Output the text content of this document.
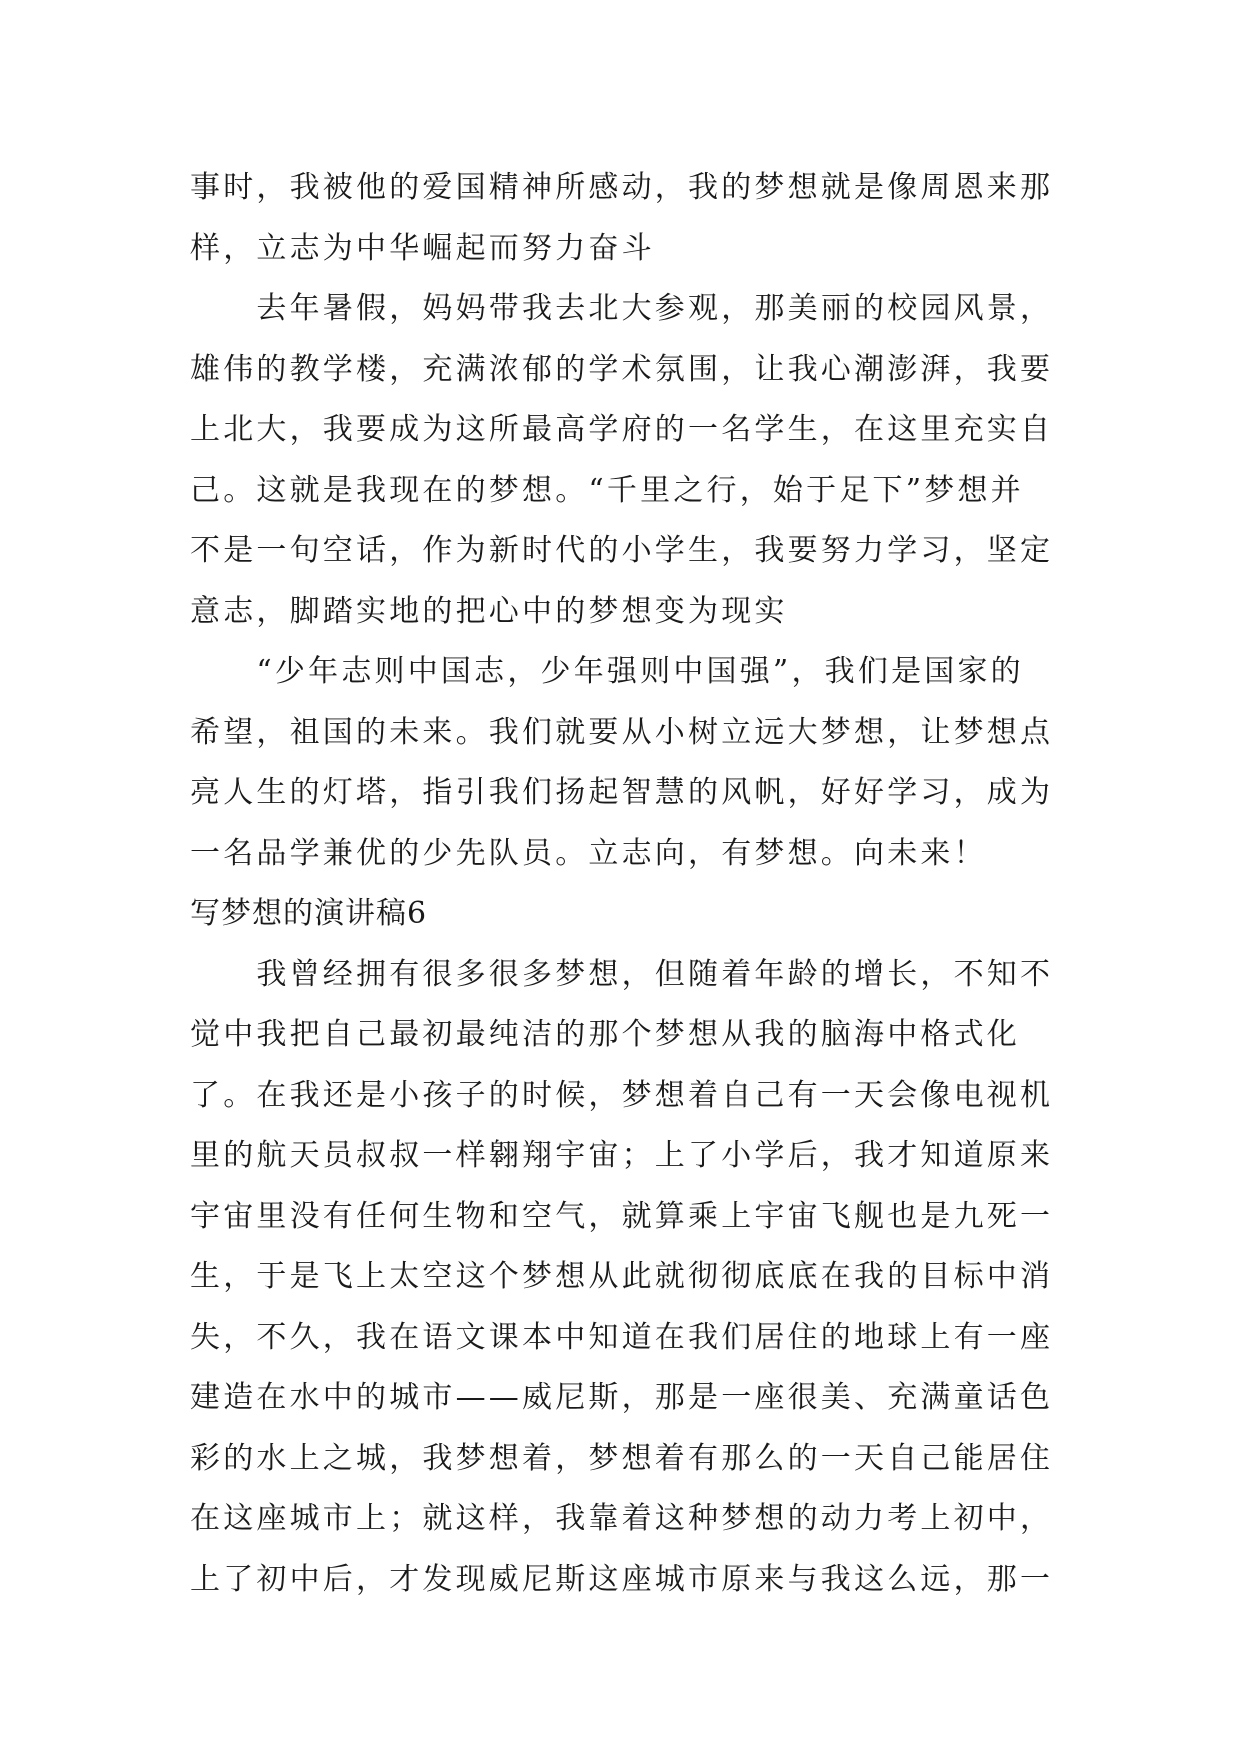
事时，我被他的爱国精神所感动，我的梦想就是像周恩来那
样，立志为中华崛起而努力奋斗
　　去年暑假，妈妈带我去北大参观，那美丽的校园风景，
雄伟的教学楼，充满浓郁的学术氛围，让我心潮澎湃，我要
上北大，我要成为这所最高学府的一名学生，在这里充实自
己。这就是我现在的梦想。“千里之行，始于足下”梦想并
不是一句空话，作为新时代的小学生，我要努力学习，坚定
意志，脚踏实地的把心中的梦想变为现实
　　“少年志则中国志，少年强则中国强”，我们是国家的
希望，祖国的未来。我们就要从小树立远大梦想，让梦想点
亮人生的灯塔，指引我们扬起智慧的风帆，好好学习，成为
一名品学兼优的少先队员。立志向，有梦想。向未来！
写梦想的演讲稿6
　　我曾经拥有很多很多梦想，但随着年龄的增长，不知不
觉中我把自己最初最纯洁的那个梦想从我的脑海中格式化
了。在我还是小孩子的时候，梦想着自己有一天会像电视机
里的航天员叔叔一样翱翔宇宙；上了小学后，我才知道原来
宇宙里没有任何生物和空气，就算乘上宇宙飞舰也是九死一
生，于是飞上太空这个梦想从此就彻彻底底在我的目标中消
失，不久，我在语文课本中知道在我们居住的地球上有一座
建造在水中的城市——威尼斯，那是一座很美、充满童话色
彩的水上之城，我梦想着，梦想着有那么的一天自己能居住
在这座城市上；就这样，我靠着这种梦想的动力考上初中，
上了初中后，才发现威尼斯这座城市原来与我这么远，那一
